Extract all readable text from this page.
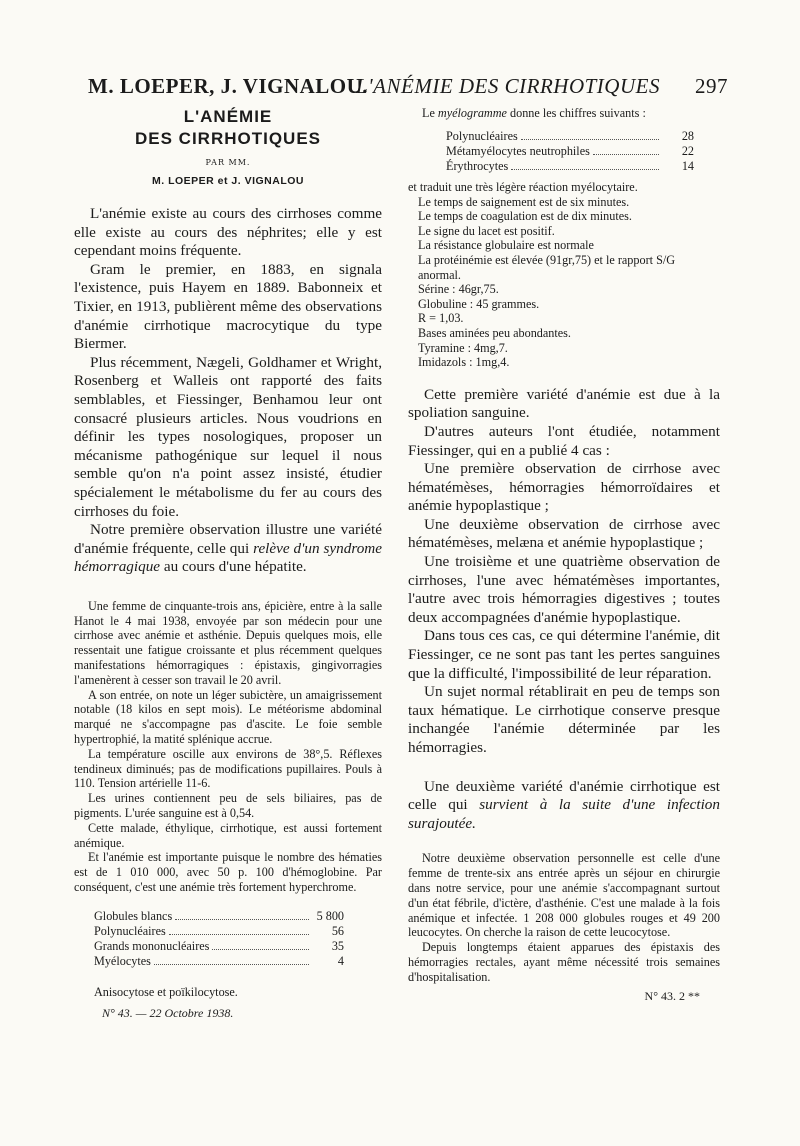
M. LOEPER, J. VIGNALOU.
L'ANÉMIE DES CIRRHOTIQUES 297
L'ANÉMIE
DES CIRRHOTIQUES
PAR MM.
M. LOEPER et J. VIGNALOU

L'anémie existe au cours des cirrhoses comme elle existe au cours des néphrites; elle y est cependant moins fréquente.

Gram le premier, en 1883, en signala l'existence, puis Hayem en 1889. Babonneix et Tixier, en 1913, publièrent même des observations d'anémie cirrhotique macrocytique du type Biermer.

Plus récemment, Nægeli, Goldhamer et Wright, Rosenberg et Walleis ont rapporté des faits semblables, et Fiessinger, Benhamou leur ont consacré plusieurs articles. Nous voudrions en définir les types nosologiques, proposer un mécanisme pathogénique sur lequel il nous semble qu'on n'a point assez insisté, étudier spécialement le métabolisme du fer au cours des cirrhoses du foie.

Notre première observation illustre une variété d'anémie fréquente, celle qui relève d'un syndrome hémorragique au cours d'une hépatite.

Une femme de cinquante-trois ans, épicière, entre à la salle Hanot le 4 mai 1938, envoyée par son médecin pour une cirrhose avec anémie et asthénie. Depuis quelques mois, elle ressentait une fatigue croissante et plus récemment quelques manifestations hémorragiques : épistaxis, gingivorragies l'amenèrent à cesser son travail le 20 avril.

A son entrée, on note un léger subictère, un amaigrissement notable (18 kilos en sept mois). Le météorisme abdominal marqué ne s'accompagne pas d'ascite. Le foie semble hypertrophié, la matité splénique accrue.

La température oscille aux environs de 38°,5. Réflexes tendineux diminués; pas de modifications pupillaires. Pouls à 110. Tension artérielle 11-6.

Les urines contiennent peu de sels biliaires, pas de pigments. L'urée sanguine est à 0,54.

Cette malade, éthylique, cirrhotique, est aussi fortement anémique.

Et l'anémie est importante puisque le nombre des hématies est de 1 010 000, avec 50 p. 100 d'hémoglobine. Par conséquent, c'est une anémie très fortement hyperchrome.

Globules blancs	5 800
Polynucléaires	56
Grands mononucléaires	35
Myélocytes	4
Anisocytose et poïkilocytose.
N° 43. — 22 Octobre 1938.
Le myélogramme donne les chiffres suivants :
Polynucléaires	28
Métamyélocytes neutrophiles	22
Érythrocytes	14
et traduit une très légère réaction myélocytaire.
Le temps de saignement est de six minutes.
Le temps de coagulation est de dix minutes.
Le signe du lacet est positif.
La résistance globulaire est normale
La protéinémie est élevée (91gr,75) et le rapport S/G anormal.
Sérine : 46gr,75.
Globuline : 45 grammes.
R = 1,03.
Bases aminées peu abondantes.
Tyramine : 4mg,7.
Imidazols : 1mg,4.

Cette première variété d'anémie est due à la spoliation sanguine.

D'autres auteurs l'ont étudiée, notamment Fiessinger, qui en a publié 4 cas :

Une première observation de cirrhose avec hématémèses, hémorragies hémorroïdaires et anémie hypoplastique ;

Une deuxième observation de cirrhose avec hématémèses, melæna et anémie hypoplastique ;

Une troisième et une quatrième observation de cirrhoses, l'une avec hématémèses importantes, l'autre avec trois hémorragies digestives ; toutes deux accompagnées d'anémie hypoplastique.

Dans tous ces cas, ce qui détermine l'anémie, dit Fiessinger, ce ne sont pas tant les pertes sanguines que la difficulté, l'impossibilité de leur réparation.

Un sujet normal rétablirait en peu de temps son taux hématique. Le cirrhotique conserve presque inchangée l'anémie déterminée par les hémorragies.

Une deuxième variété d'anémie cirrhotique est celle qui survient à la suite d'une infection surajoutée.

Notre deuxième observation personnelle est celle d'une femme de trente-six ans entrée après un séjour en chirurgie dans notre service, pour une anémie s'accompagnant surtout d'un état fébrile, d'ictère, d'asthénie. C'est une malade à la fois anémique et infectée. 1 208 000 globules rouges et 49 200 leucocytes. On cherche la raison de cette leucocytose.

Depuis longtemps étaient apparues des épistaxis des hémorragies rectales, ayant même nécessité trois semaines d'hospitalisation.

N° 43. 2 **
